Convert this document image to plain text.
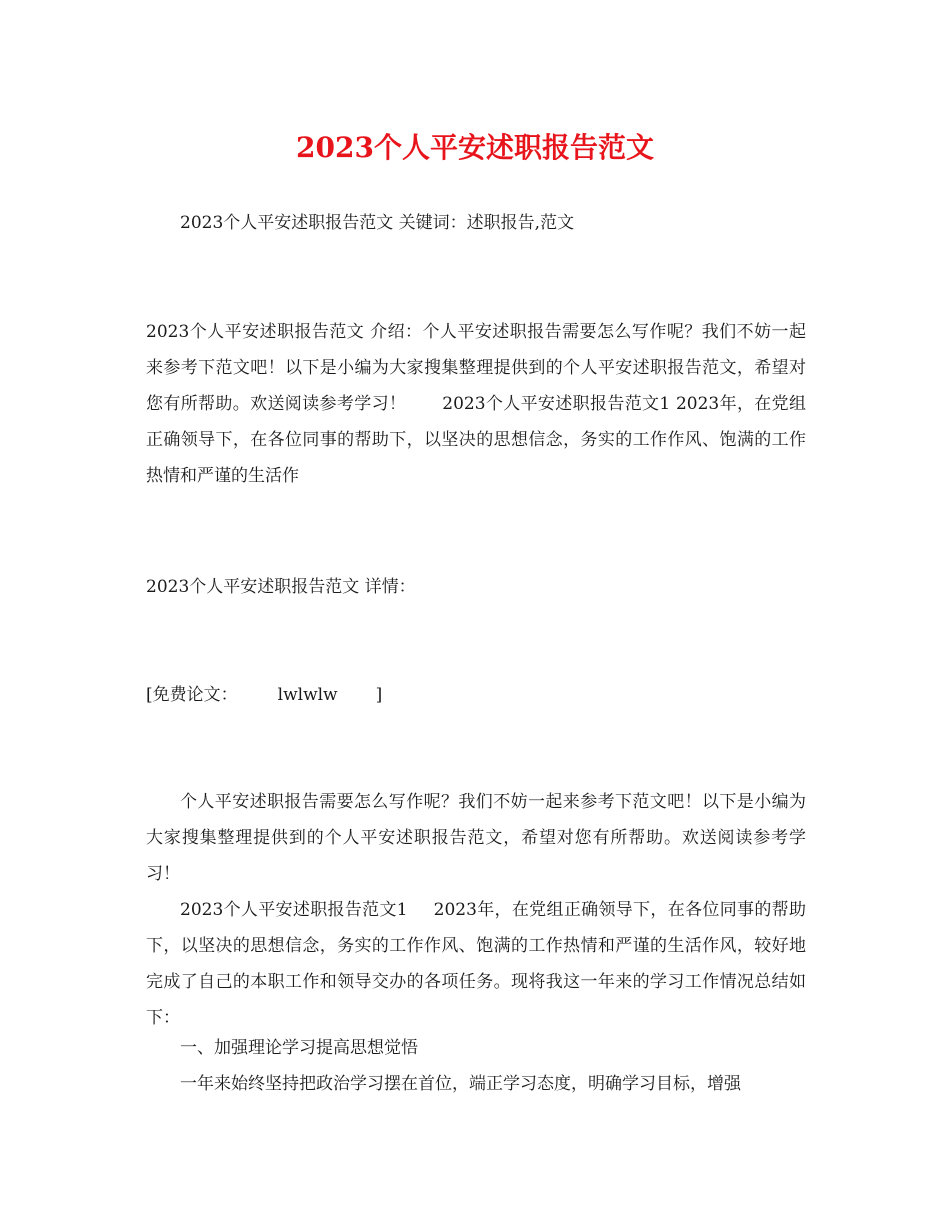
2023个人平安述职报告范文

2023个人平安述职报告范文 关键词：述职报告,范文

2023个人平安述职报告范文 介绍：个人平安述职报告需要怎么写作呢？我们不妨一起来参考下范文吧！以下是小编为大家搜集整理提供到的个人平安述职报告范文，希望对您有所帮助。欢送阅读参考学习！ 2023个人平安述职报告范文1 2023年，在党组正确领导下，在各位同事的帮助下，以坚决的思想信念，务实的工作作风、饱满的工作热情和严谨的生活作

2023个人平安述职报告范文 详情：

[免费论文： lwlwlw ]

个人平安述职报告需要怎么写作呢？我们不妨一起来参考下范文吧！以下是小编为大家搜集整理提供到的个人平安述职报告范文，希望对您有所帮助。欢送阅读参考学习！

2023个人平安述职报告范文1 2023年，在党组正确领导下，在各位同事的帮助下，以坚决的思想信念，务实的工作作风、饱满的工作热情和严谨的生活作风，较好地完成了自己的本职工作和领导交办的各项任务。现将我这一年来的学习工作情况总结如下：

一、加强理论学习提高思想觉悟

一年来始终坚持把政治学习摆在首位，端正学习态度，明确学习目标，增强
